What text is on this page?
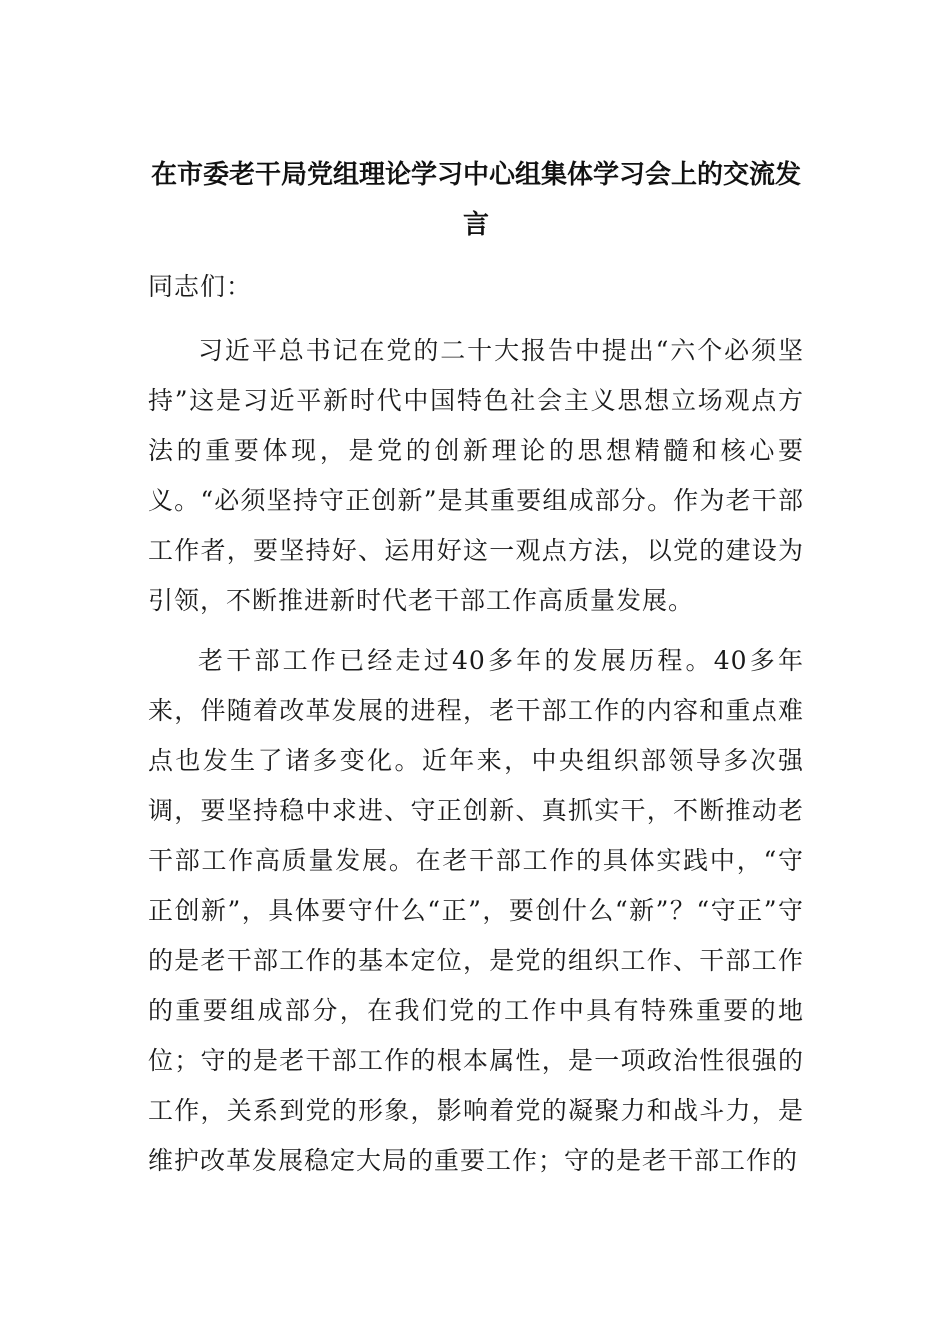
在市委老干局党组理论学习中心组集体学习会上的交流发言

同志们：

习近平总书记在党的二十大报告中提出“六个必须坚持”这是习近平新时代中国特色社会主义思想立场观点方法的重要体现，是党的创新理论的思想精髓和核心要义。“必须坚持守正创新”是其重要组成部分。作为老干部工作者，要坚持好、运用好这一观点方法，以党的建设为引领，不断推进新时代老干部工作高质量发展。

老干部工作已经走过40多年的发展历程。40多年来，伴随着改革发展的进程，老干部工作的内容和重点难点也发生了诸多变化。近年来，中央组织部领导多次强调，要坚持稳中求进、守正创新、真抓实干，不断推动老干部工作高质量发展。在老干部工作的具体实践中，“守正创新”，具体要守什么“正”，要创什么“新”？“守正”守的是老干部工作的基本定位，是党的组织工作、干部工作的重要组成部分，在我们党的工作中具有特殊重要的地位；守的是老干部工作的根本属性，是一项政治性很强的工作，关系到党的形象，影响着党的凝聚力和战斗力，是维护改革发展稳定大局的重要工作；守的是老干部工作的
